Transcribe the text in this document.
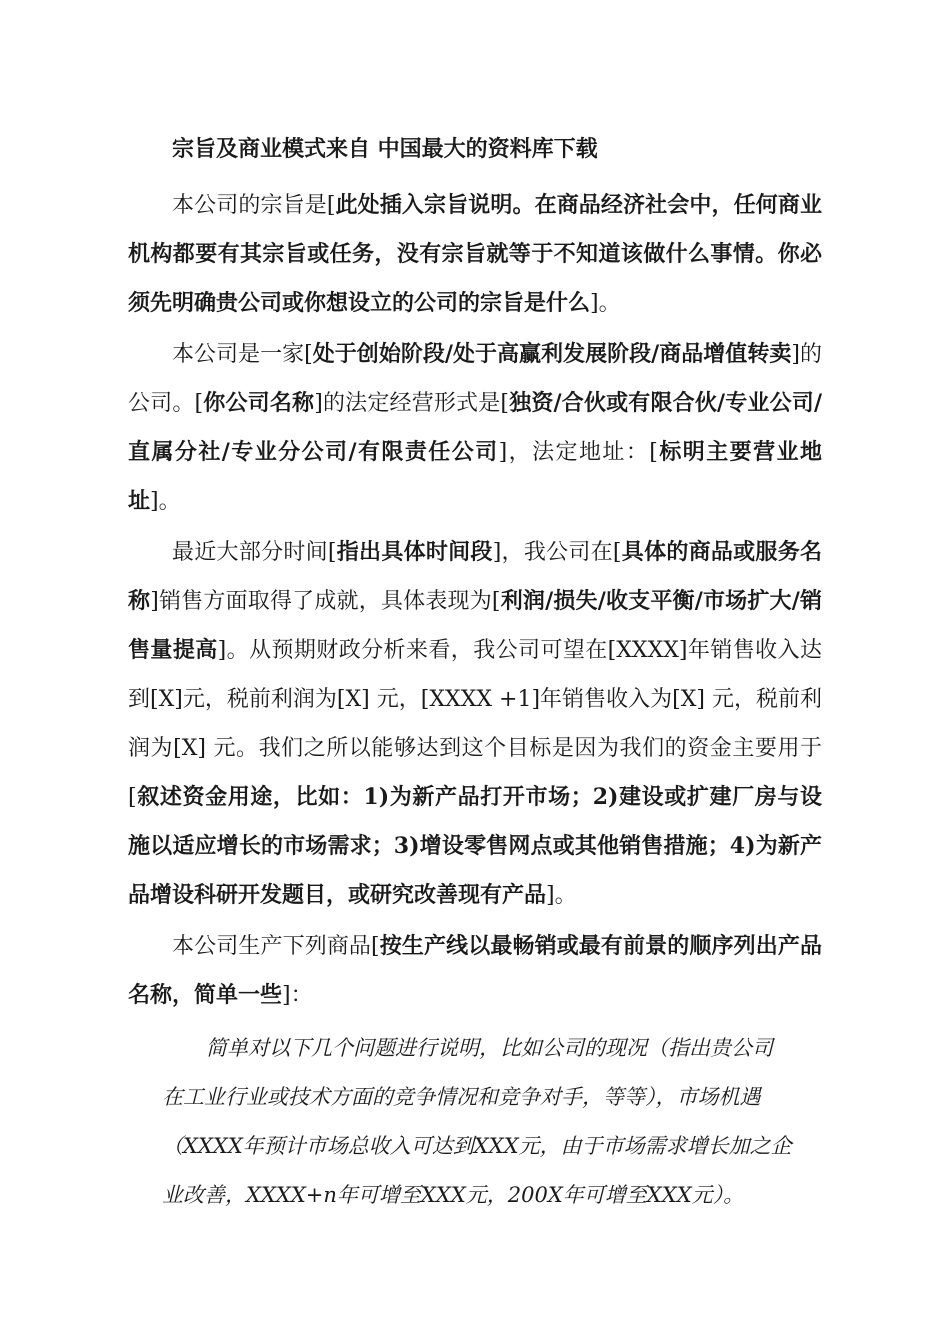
宗旨及商业模式来自 中国最大的资料库下载

本公司的宗旨是[此处插入宗旨说明。在商品经济社会中，任何商业机构都要有其宗旨或任务，没有宗旨就等于不知道该做什么事情。你必须先明确贵公司或你想设立的公司的宗旨是什么]。

本公司是一家[处于创始阶段/处于高赢利发展阶段/商品增值转卖]的公司。[你公司名称]的法定经营形式是[独资/合伙或有限合伙/专业公司/直属分社/专业分公司/有限责任公司]，法定地址：[标明主要营业地址]。

最近大部分时间[指出具体时间段]，我公司在[具体的商品或服务名称]销售方面取得了成就，具体表现为[利润/损失/收支平衡/市场扩大/销售量提高]。从预期财政分析来看，我公司可望在[XXXX]年销售收入达到[X]元，税前利润为[X] 元，[XXXX +1]年销售收入为[X] 元，税前利润为[X] 元。我们之所以能够达到这个目标是因为我们的资金主要用于[叙述资金用途，比如：1)为新产品打开市场；2)建设或扩建厂房与设施以适应增长的市场需求；3)增设零售网点或其他销售措施；4)为新产品增设科研开发题目，或研究改善现有产品]。

本公司生产下列商品[按生产线以最畅销或最有前景的顺序列出产品名称，简单一些]：

简单对以下几个问题进行说明，比如公司的现况（指出贵公司
在工业行业或技术方面的竞争情况和竞争对手，等等），市场机遇
（XXXX年预计市场总收入可达到XXX元，由于市场需求增长加之企
业改善，XXXX+n年可增至XXX元，200X年可增至XXX元）。
